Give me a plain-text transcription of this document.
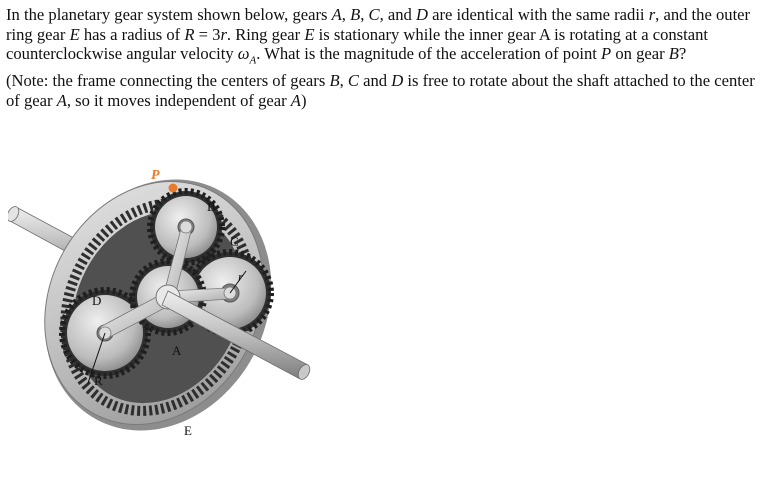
In the planetary gear system shown below, gears A, B, C, and D are identical with the same radii r, and the outer ring gear E has a radius of R = 3r. Ring gear E is stationary while the inner gear A is rotating at a constant counterclockwise angular velocity $\omega_A$. What is the magnitude of the acceleration of point P on gear B?

(Note: the frame connecting the centers of gears B, C and D is free to rotate about the shaft attached to the center of gear A, so it moves independent of gear A)

P
B
C
D
A
R
r
E
